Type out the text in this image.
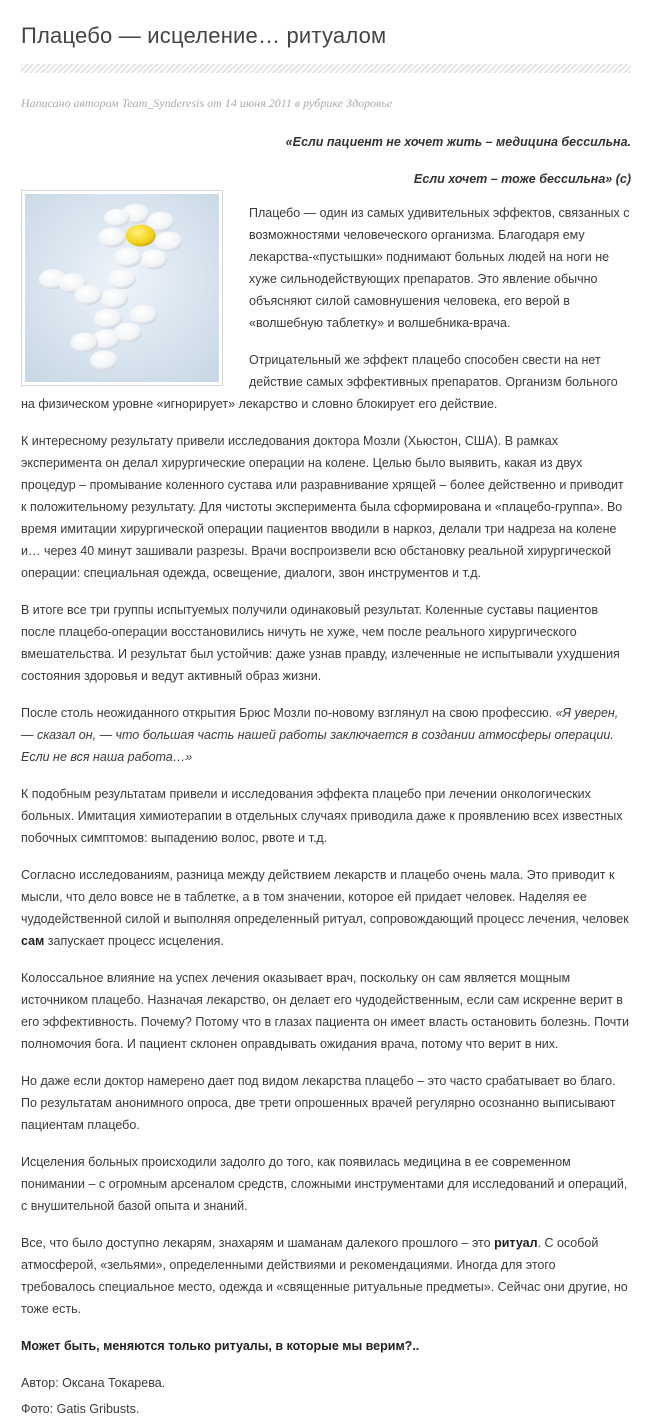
Плацебо — исцеление… ритуалом
Написано автором Team_Synderesis от 14 июня 2011 в рубрике Здоровье
«Если пациент не хочет жить – медицина бессильна.
Если хочет – тоже бессильна» (с)

Плацебо — один из самых удивительных эффектов, связанных с возможностями человеческого организма. Благодаря ему лекарства-«пустышки» поднимают больных людей на ноги не хуже сильнодействующих препаратов. Это явление обычно объясняют силой самовнушения человека, его верой в «волшебную таблетку» и волшебника-врача.

Отрицательный же эффект плацебо способен свести на нет действие самых эффективных препаратов. Организм больного на физическом уровне «игнорирует» лекарство и словно блокирует его действие.

К интересному результату привели исследования доктора Мозли (Хьюстон, США). В рамках эксперимента он делал хирургические операции на колене. Целью было выявить, какая из двух процедур – промывание коленного сустава или разравнивание хрящей – более действенно и приводит к положительному результату. Для чистоты эксперимента была сформирована и «плацебо-группа». Во время имитации хирургической операции пациентов вводили в наркоз, делали три надреза на колене и… через 40 минут зашивали разрезы. Врачи воспроизвели всю обстановку реальной хирургической операции: специальная одежда, освещение, диалоги, звон инструментов и т.д.

В итоге все три группы испытуемых получили одинаковый результат. Коленные суставы пациентов после плацебо-операции восстановились ничуть не хуже, чем после реального хирургического вмешательства. И результат был устойчив: даже узнав правду, излеченные не испытывали ухудшения состояния здоровья и ведут активный образ жизни.

После столь неожиданного открытия Брюс Мозли по-новому взглянул на свою профессию. «Я уверен, — сказал он, — что большая часть нашей работы заключается в создании атмосферы операции. Если не вся наша работа…»

К подобным результатам привели и исследования эффекта плацебо при лечении онкологических больных. Имитация химиотерапии в отдельных случаях приводила даже к проявлению всех известных побочных симптомов: выпадению волос, рвоте и т.д.

Согласно исследованиям, разница между действием лекарств и плацебо очень мала. Это приводит к мысли, что дело вовсе не в таблетке, а в том значении, которое ей придает человек. Наделяя ее чудодейственной силой и выполняя определенный ритуал, сопровождающий процесс лечения, человек сам запускает процесс исцеления.

Колоссальное влияние на успех лечения оказывает врач, поскольку он сам является мощным источником плацебо. Назначая лекарство, он делает его чудодейственным, если сам искренне верит в его эффективность. Почему? Потому что в глазах пациента он имеет власть остановить болезнь. Почти полномочия бога. И пациент склонен оправдывать ожидания врача, потому что верит в них.

Но даже если доктор намерено дает под видом лекарства плацебо – это часто срабатывает во благо. По результатам анонимного опроса, две трети опрошенных врачей регулярно осознанно выписывают пациентам плацебо.

Исцеления больных происходили задолго до того, как появилась медицина в ее современном понимании – с огромным арсеналом средств, сложными инструментами для исследований и операций, с внушительной базой опыта и знаний.

Все, что было доступно лекарям, знахарям и шаманам далекого прошлого – это ритуал. С особой атмосферой, «зельями», определенными действиями и рекомендациями. Иногда для этого требовалось специальное место, одежда и «священные ритуальные предметы». Сейчас они другие, но тоже есть.

Может быть, меняются только ритуалы, в которые мы верим?..

Автор: Оксана Токарева.

Фото: Gatis Gribusts.
